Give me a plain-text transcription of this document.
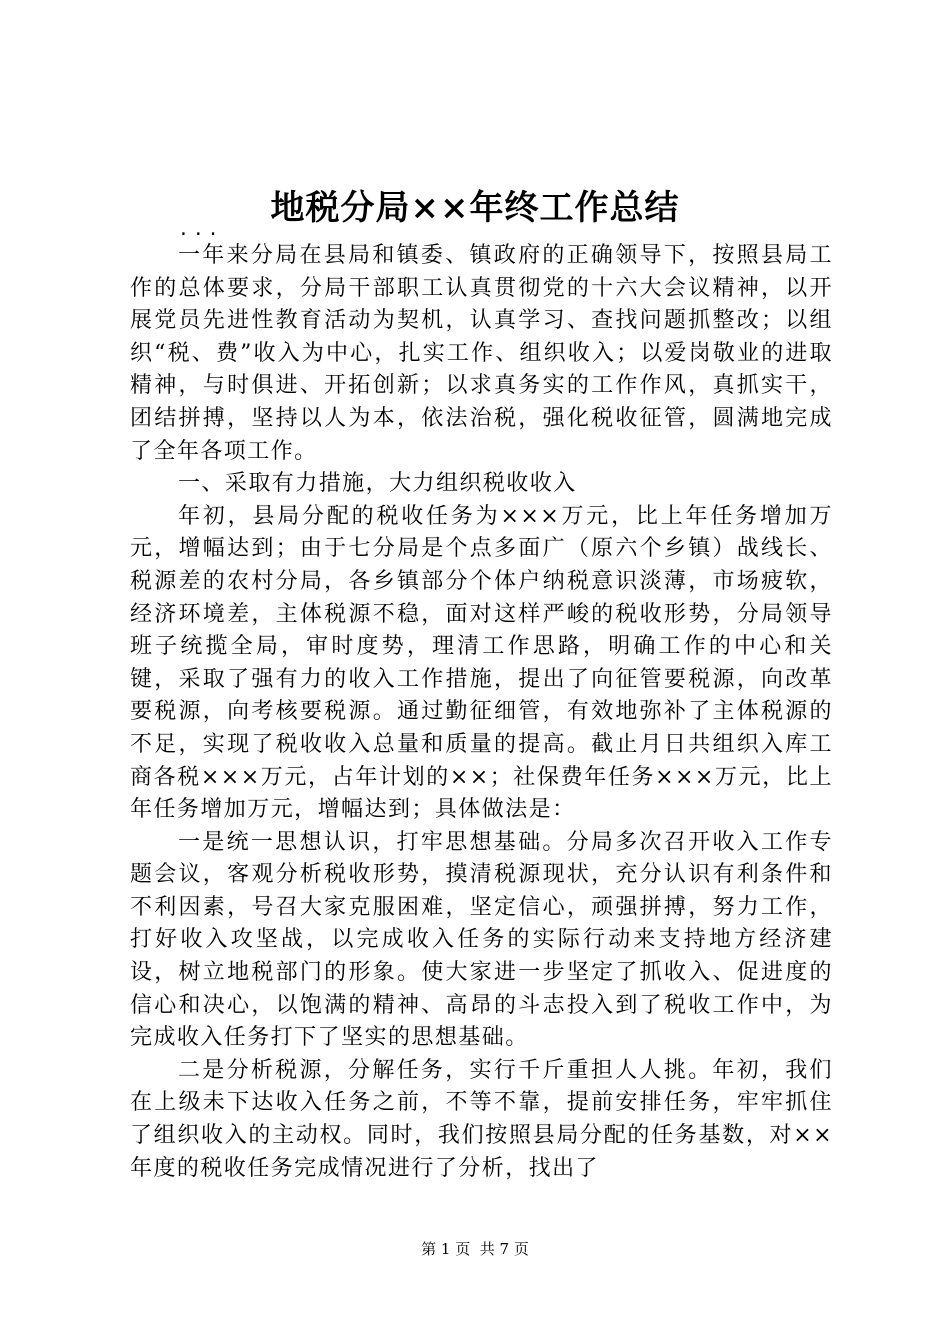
地税分局××年终工作总结
...

一年来分局在县局和镇委、镇政府的正确领导下，按照县局工作的总体要求，分局干部职工认真贯彻党的十六大会议精神，以开展党员先进性教育活动为契机，认真学习、查找问题抓整改；以组织“税、费”收入为中心，扎实工作、组织收入；以爱岗敬业的进取精神，与时俱进、开拓创新；以求真务实的工作作风，真抓实干，团结拼搏，坚持以人为本，依法治税，强化税收征管，圆满地完成了全年各项工作。

一、采取有力措施，大力组织税收收入

年初，县局分配的税收任务为×××万元，比上年任务增加万元，增幅达到；由于七分局是个点多面广（原六个乡镇）战线长、税源差的农村分局，各乡镇部分个体户纳税意识淡薄，市场疲软，经济环境差，主体税源不稳，面对这样严峻的税收形势，分局领导班子统揽全局，审时度势，理清工作思路，明确工作的中心和关键，采取了强有力的收入工作措施，提出了向征管要税源，向改革要税源，向考核要税源。通过勤征细管，有效地弥补了主体税源的不足，实现了税收收入总量和质量的提高。截止月日共组织入库工商各税×××万元，占年计划的××；社保费年任务×××万元，比上年任务增加万元，增幅达到；具体做法是：

一是统一思想认识，打牢思想基础。分局多次召开收入工作专题会议，客观分析税收形势，摸清税源现状，充分认识有利条件和不利因素，号召大家克服困难，坚定信心，顽强拼搏，努力工作，打好收入攻坚战，以完成收入任务的实际行动来支持地方经济建设，树立地税部门的形象。使大家进一步坚定了抓收入、促进度的信心和决心，以饱满的精神、高昂的斗志投入到了税收工作中，为完成收入任务打下了坚实的思想基础。

二是分析税源，分解任务，实行千斤重担人人挑。年初，我们在上级未下达收入任务之前，不等不靠，提前安排任务，牢牢抓住了组织收入的主动权。同时，我们按照县局分配的任务基数，对××年度的税收任务完成情况进行了分析，找出了

第 1 页  共 7 页
